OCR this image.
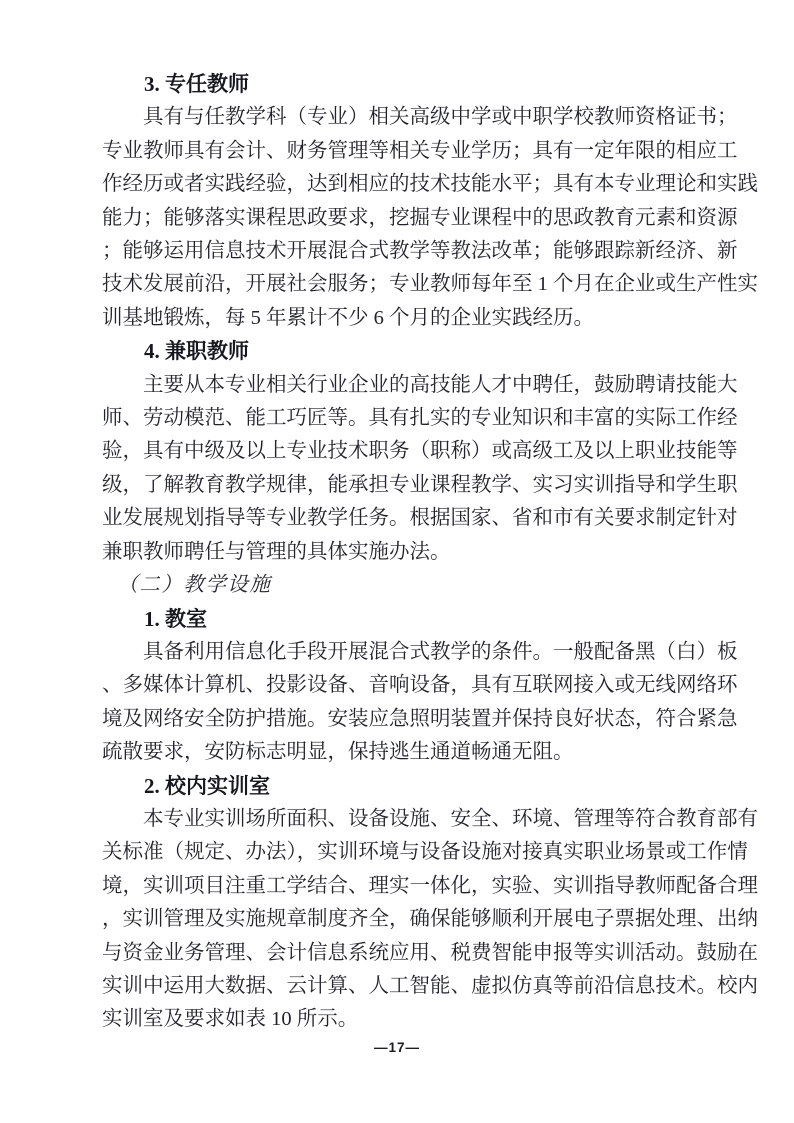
3. 专任教师
具有与任教学科（专业）相关高级中学或中职学校教师资格证书；
专业教师具有会计、财务管理等相关专业学历；具有一定年限的相应工
作经历或者实践经验，达到相应的技术技能水平；具有本专业理论和实践
能力；能够落实课程思政要求，挖掘专业课程中的思政教育元素和资源
；能够运用信息技术开展混合式教学等教法改革；能够跟踪新经济、新
技术发展前沿，开展社会服务；专业教师每年至 1 个月在企业或生产性实
训基地锻炼，每 5 年累计不少 6 个月的企业实践经历。
4. 兼职教师
主要从本专业相关行业企业的高技能人才中聘任，鼓励聘请技能大
师、劳动模范、能工巧匠等。具有扎实的专业知识和丰富的实际工作经
验，具有中级及以上专业技术职务（职称）或高级工及以上职业技能等
级，了解教育教学规律，能承担专业课程教学、实习实训指导和学生职
业发展规划指导等专业教学任务。根据国家、省和市有关要求制定针对
兼职教师聘任与管理的具体实施办法。
（二）教学设施
1. 教室
具备利用信息化手段开展混合式教学的条件。一般配备黑（白）板
、多媒体计算机、投影设备、音响设备，具有互联网接入或无线网络环
境及网络安全防护措施。安装应急照明装置并保持良好状态，符合紧急
疏散要求，安防标志明显，保持逃生通道畅通无阻。
2. 校内实训室
本专业实训场所面积、设备设施、安全、环境、管理等符合教育部有
关标准（规定、办法），实训环境与设备设施对接真实职业场景或工作情
境，实训项目注重工学结合、理实一体化，实验、实训指导教师配备合理
，实训管理及实施规章制度齐全，确保能够顺利开展电子票据处理、出纳
与资金业务管理、会计信息系统应用、税费智能申报等实训活动。鼓励在
实训中运用大数据、云计算、人工智能、虚拟仿真等前沿信息技术。校内
实训室及要求如表 10 所示。
—17—
